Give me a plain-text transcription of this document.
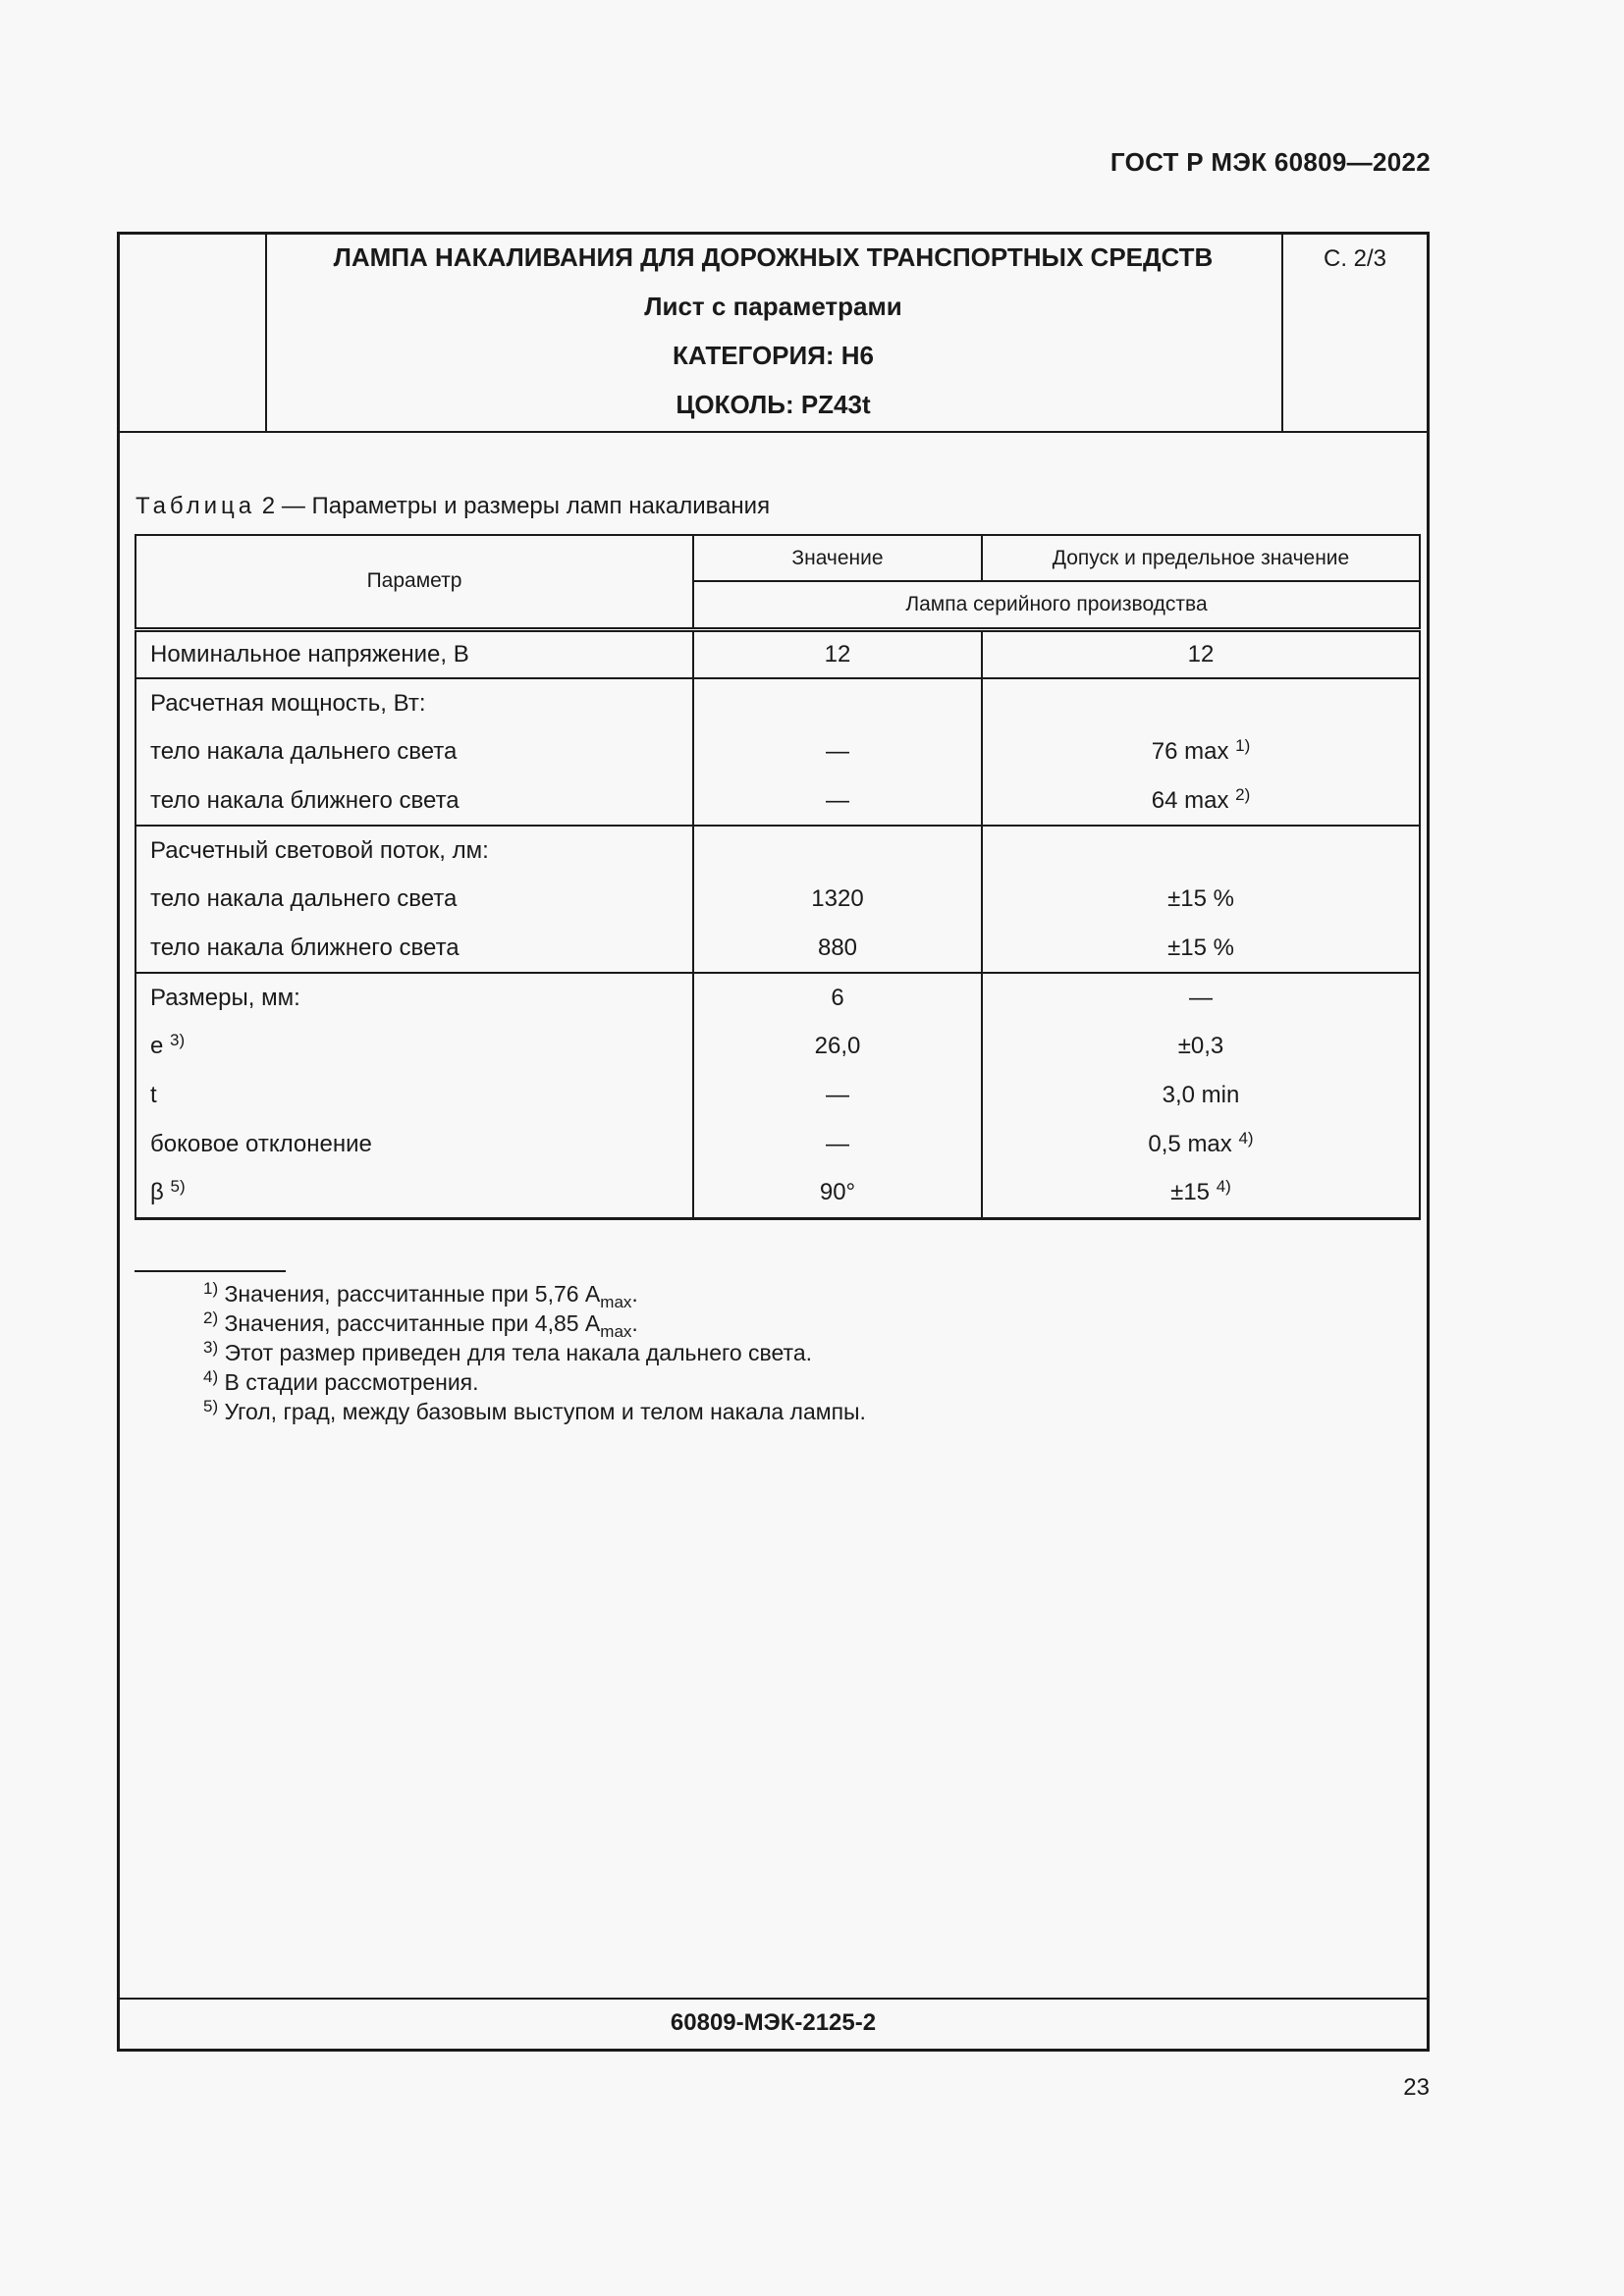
ГОСТ Р МЭК 60809—2022
ЛАМПА НАКАЛИВАНИЯ ДЛЯ ДОРОЖНЫХ ТРАНСПОРТНЫХ СРЕДСТВ
Лист с параметрами
КАТЕГОРИЯ: H6
ЦОКОЛЬ: PZ43t
С. 2/3
Таблица 2 — Параметры и размеры ламп накаливания
Параметр	Значение	Допуск и предельное значение
	Лампа серийного производства	
Номинальное напряжение, В	12	12
Расчетная мощность, Вт:		
тело накала дальнего света	—	76 max $^{1)}$
тело накала ближнего света	—	64 max $^{2)}$
Расчетный световой поток, лм:		
тело накала дальнего света	1320	±15 %
тело накала ближнего света	880	±15 %
Размеры, мм:	6	—
e $^{3)}$	26,0	±0,3
t	—	3,0 min
боковое отклонение	—	0,5 max $^{4)}$
β $^{5)}$	90°	±15 $^{4)}$
$^{1)}$ Значения, рассчитанные при 5,76 $A_{max}$.
$^{2)}$ Значения, рассчитанные при 4,85 $A_{max}$.
$^{3)}$ Этот размер приведен для тела накала дальнего света.
$^{4)}$ В стадии рассмотрения.
$^{5)}$ Угол, град, между базовым выступом и телом накала лампы.
60809-МЭК-2125-2
23
